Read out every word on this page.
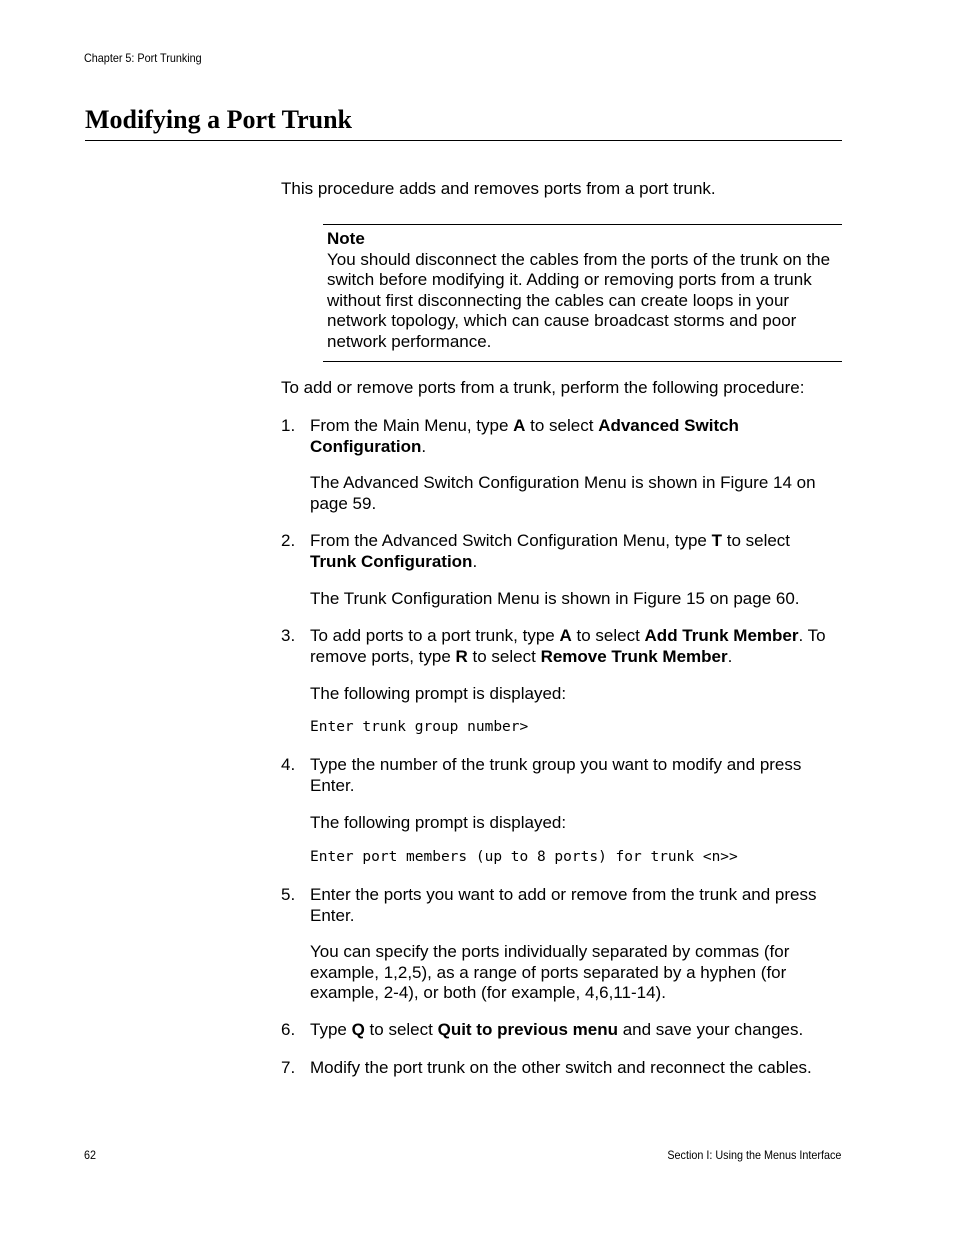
Chapter 5: Port Trunking
Modifying a Port Trunk
This procedure adds and removes ports from a port trunk.
Note
You should disconnect the cables from the ports of the trunk on the switch before modifying it. Adding or removing ports from a trunk without first disconnecting the cables can create loops in your network topology, which can cause broadcast storms and poor network performance.
To add or remove ports from a trunk, perform the following procedure:
1. From the Main Menu, type A to select Advanced Switch Configuration.
The Advanced Switch Configuration Menu is shown in Figure 14 on page 59.
2. From the Advanced Switch Configuration Menu, type T to select Trunk Configuration.
The Trunk Configuration Menu is shown in Figure 15 on page 60.
3. To add ports to a port trunk, type A to select Add Trunk Member. To remove ports, type R to select Remove Trunk Member.
The following prompt is displayed:
Enter trunk group number>
4. Type the number of the trunk group you want to modify and press Enter.
The following prompt is displayed:
Enter port members (up to 8 ports) for trunk <n>>
5. Enter the ports you want to add or remove from the trunk and press Enter.
You can specify the ports individually separated by commas (for example, 1,2,5), as a range of ports separated by a hyphen (for example, 2-4), or both (for example, 4,6,11-14).
6. Type Q to select Quit to previous menu and save your changes.
7. Modify the port trunk on the other switch and reconnect the cables.
62	Section I: Using the Menus Interface
